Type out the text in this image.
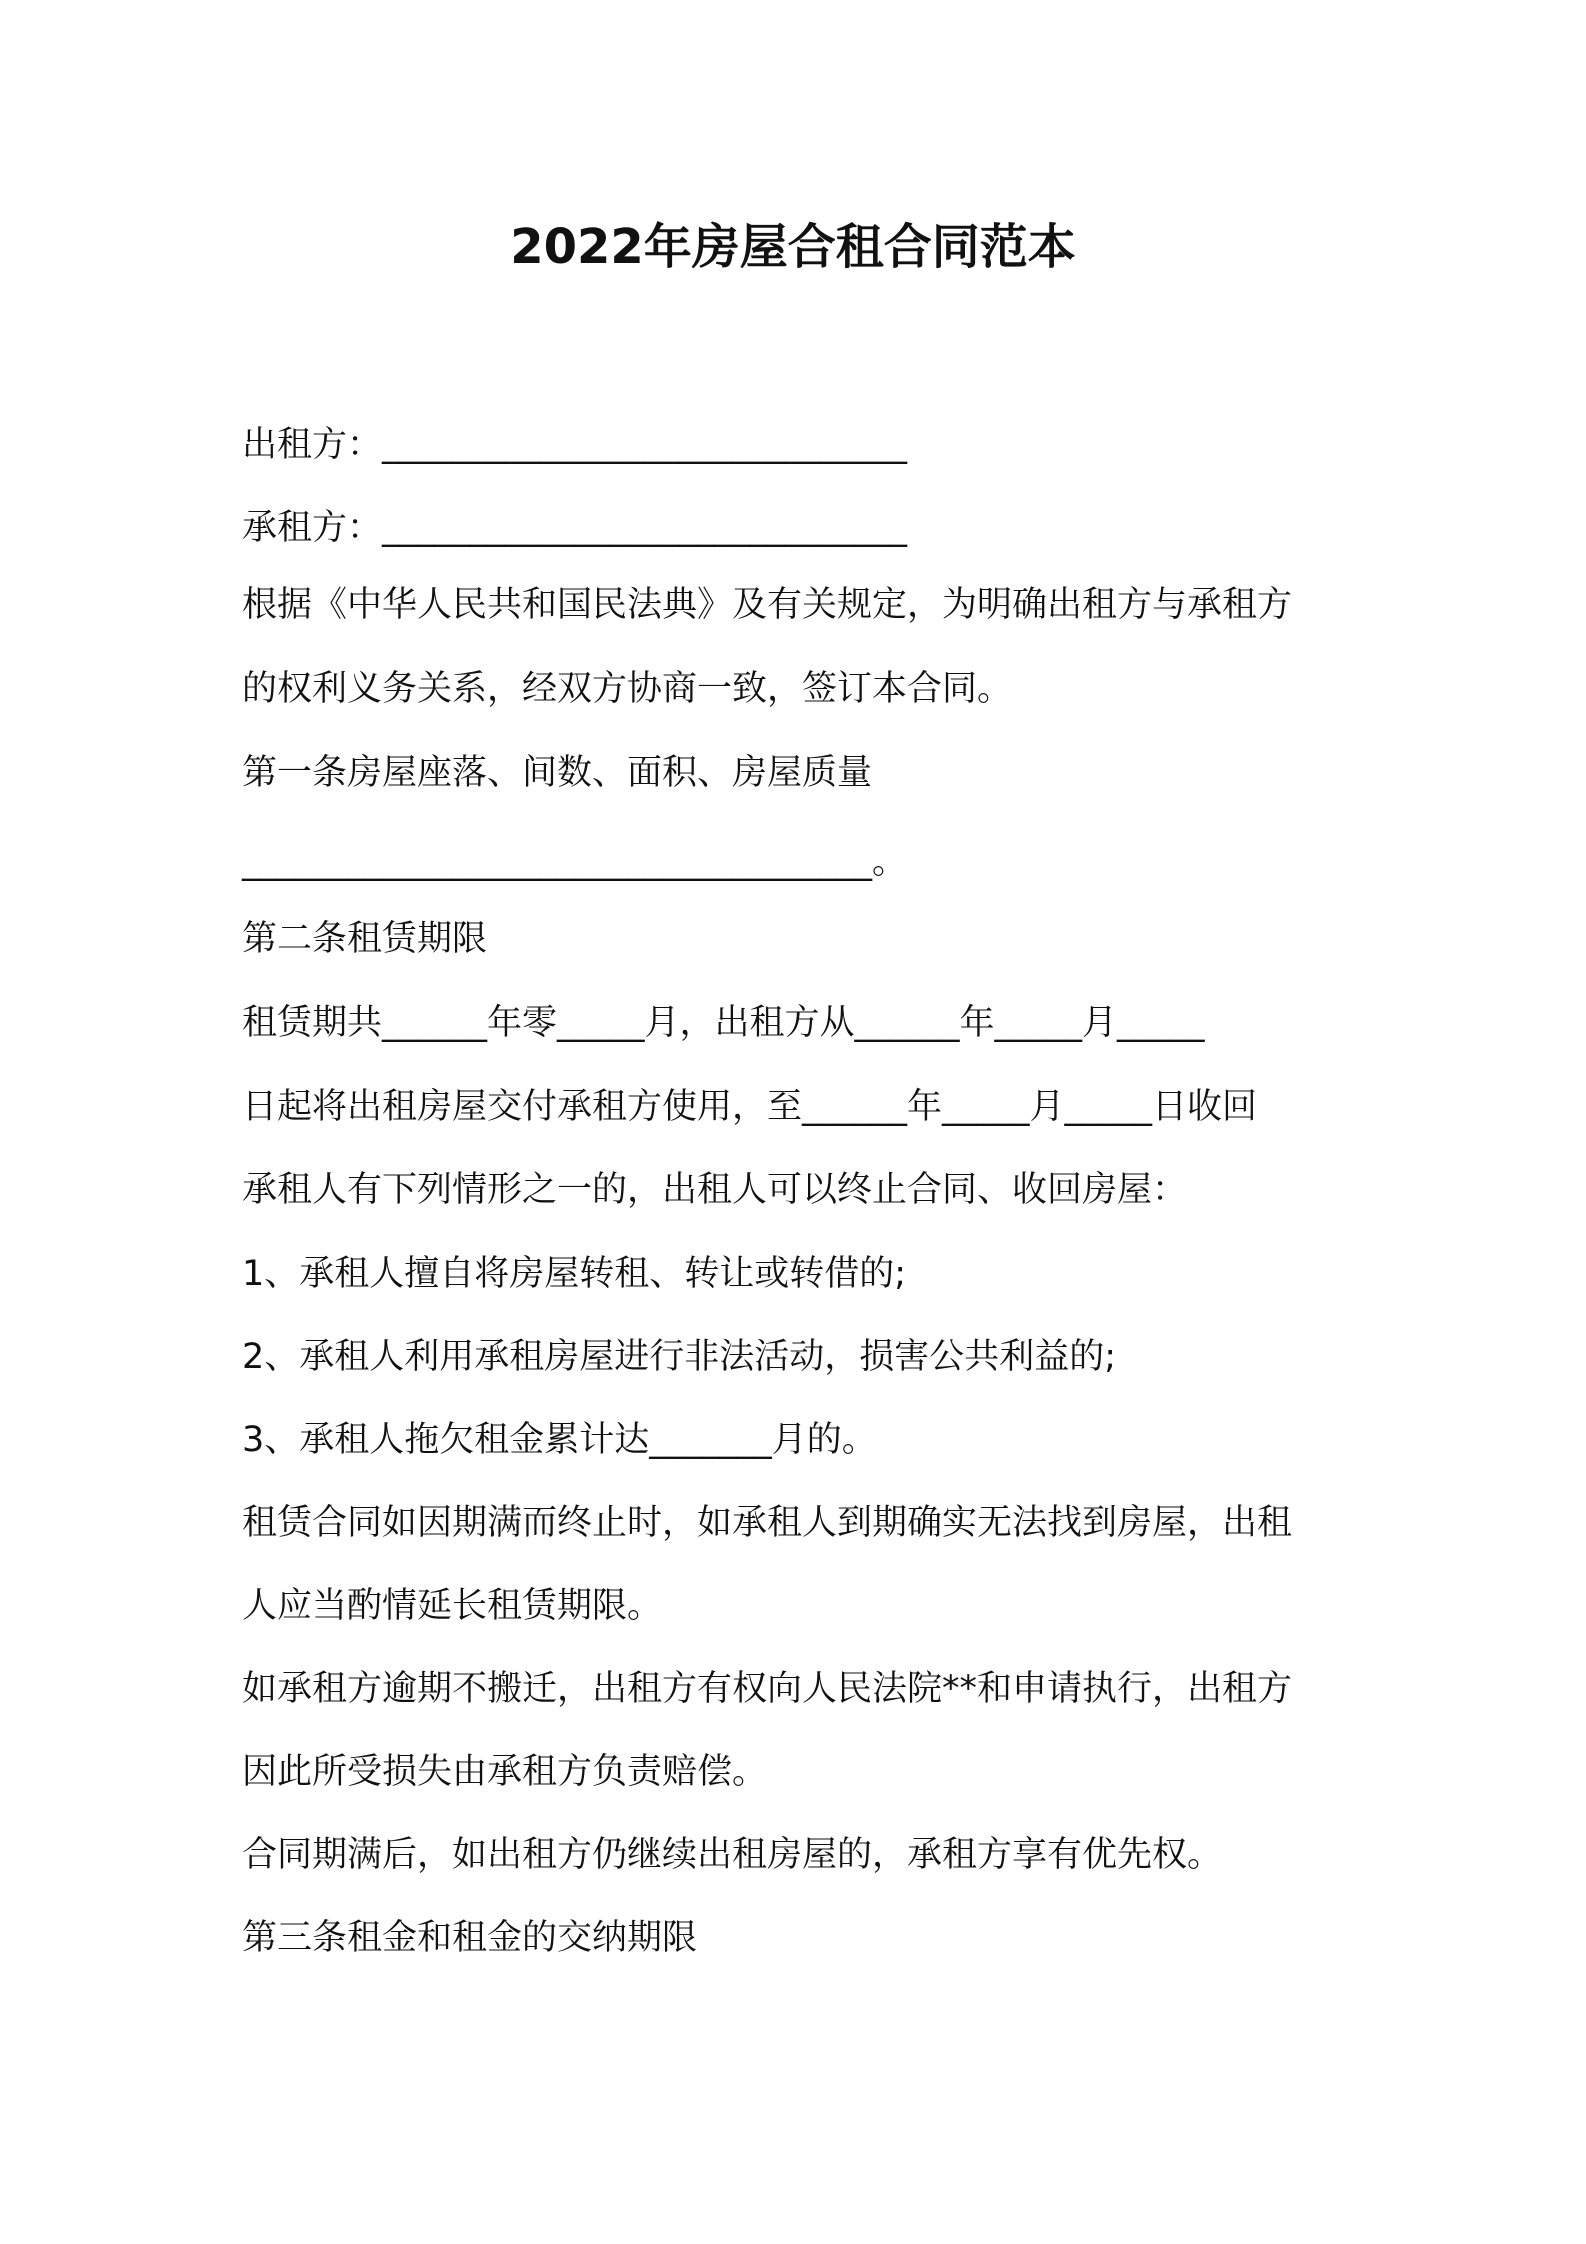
2022年房屋合租合同范本
出租方：______________________________
承租方：______________________________
根据《中华人民共和国民法典》及有关规定，为明确出租方与承租方
的权利义务关系，经双方协商一致，签订本合同。
第一条房屋座落、间数、面积、房屋质量
____________________________________。
第二条租赁期限
租赁期共______年零_____月，出租方从______年_____月_____
日起将出租房屋交付承租方使用，至______年_____月_____日收回
承租人有下列情形之一的，出租人可以终止合同、收回房屋：
1、承租人擅自将房屋转租、转让或转借的;
2、承租人利用承租房屋进行非法活动，损害公共利益的;
3、承租人拖欠租金累计达_______月的。
租赁合同如因期满而终止时，如承租人到期确实无法找到房屋，出租
人应当酌情延长租赁期限。
如承租方逾期不搬迁，出租方有权向人民法院**和申请执行，出租方
因此所受损失由承租方负责赔偿。
合同期满后，如出租方仍继续出租房屋的，承租方享有优先权。
第三条租金和租金的交纳期限
